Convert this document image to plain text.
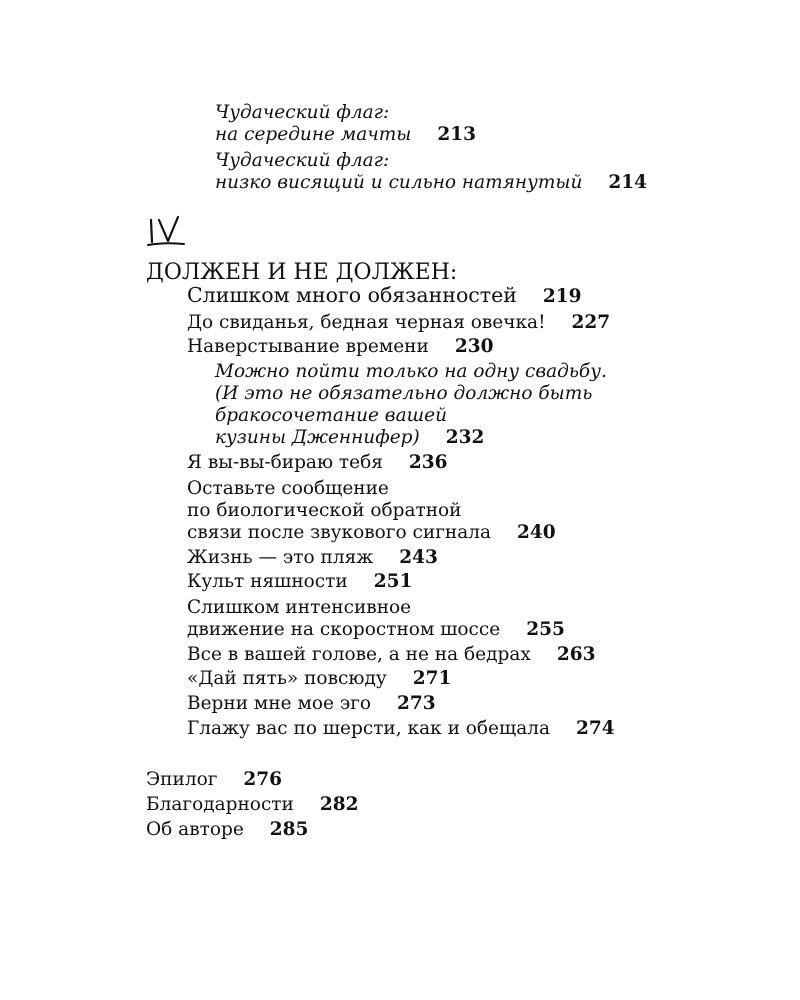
Чудаческий флаг:
на середине мачты 213
Чудаческий флаг:
низко висящий и сильно натянутый 214
ДОЛЖЕН И НЕ ДОЛЖЕН:
Слишком много обязанностей 219
До свиданья, бедная черная овечка! 227
Наверстывание времени 230
Можно пойти только на одну свадьбу.
(И это не обязательно должно быть
бракосочетание вашей
кузины Дженнифер) 232
Я вы-вы-бираю тебя 236
Оставьте сообщение
по биологической обратной
связи после звукового сигнала 240
Жизнь — это пляж 243
Культ няшности 251
Слишком интенсивное
движение на скоростном шоссе 255
Все в вашей голове, а не на бедрах 263
«Дай пять» повсюду 271
Верни мне мое эго 273
Глажу вас по шерсти, как и обещала 274
Эпилог 276
Благодарности 282
Об авторе 285
